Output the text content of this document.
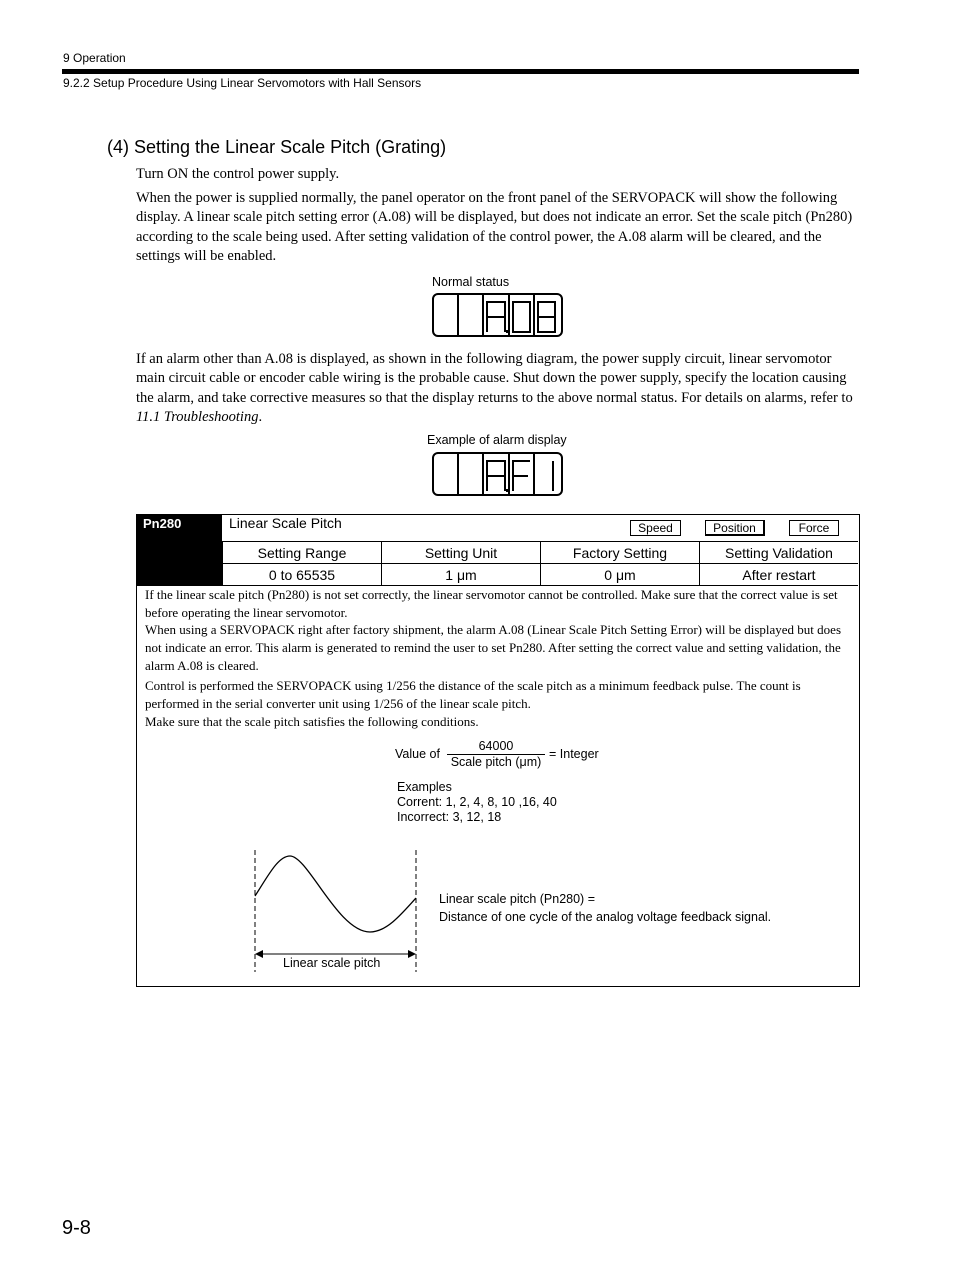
9 Operation
9.2.2 Setup Procedure Using Linear Servomotors with Hall Sensors
(4) Setting the Linear Scale Pitch (Grating)
Turn ON the control power supply.
When the power is supplied normally, the panel operator on the front panel of the SERVOPACK will show the following display. A linear scale pitch setting error (A.08) will be displayed, but does not indicate an error. Set the scale pitch (Pn280) according to the scale being used. After setting validation of the control power, the A.08 alarm will be cleared, and the settings will be enabled.
Normal status
If an alarm other than A.08 is displayed, as shown in the following diagram, the power supply circuit, linear servomotor main circuit cable or encoder cable wiring is the probable cause. Shut down the power supply, specify the location causing the alarm, and take corrective measures so that the display returns to the above normal status. For details on alarms, refer to 11.1 Troubleshooting.
Example of alarm display
Pn280	Linear Scale Pitch	Speed	Position	Force
Setting Range	Setting Unit	Factory Setting	Setting Validation
0 to 65535	1 μm	0 μm	After restart
If the linear scale pitch (Pn280) is not set correctly, the linear servomotor cannot be controlled. Make sure that the correct value is set before operating the linear servomotor.
When using a SERVOPACK right after factory shipment, the alarm A.08 (Linear Scale Pitch Setting Error) will be displayed but does not indicate an error. This alarm is generated to remind the user to set Pn280. After setting the correct value and setting validation, the alarm A.08 is cleared.
Control is performed the SERVOPACK using 1/256 the distance of the scale pitch as a minimum feedback pulse. The count is performed in the serial converter unit using 1/256 of the linear scale pitch.
Make sure that the scale pitch satisfies the following conditions.
Value of
64000
Scale pitch (μm)
= Integer
Examples
Corrent: 1, 2, 4, 8, 10 ,16, 40
Incorrect: 3, 12, 18
Linear scale pitch
Linear scale pitch (Pn280) =
Distance of one cycle of the analog voltage feedback signal.
9-8
